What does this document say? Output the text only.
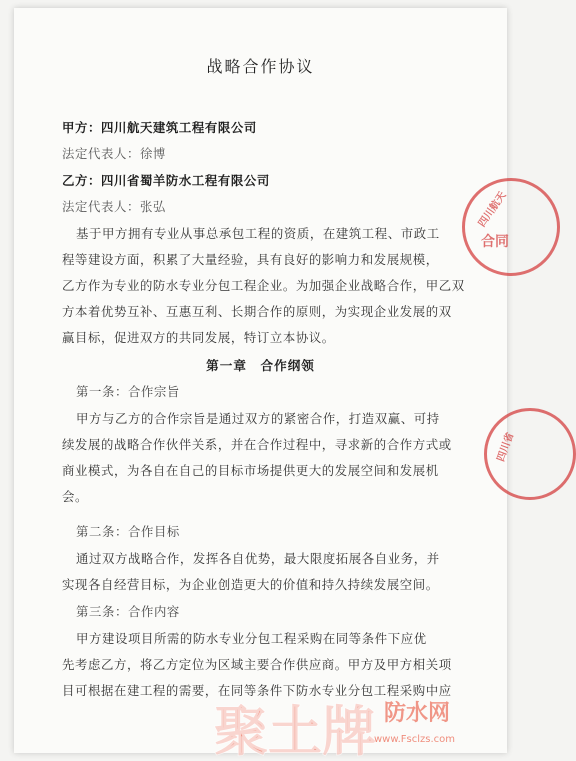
战略合作协议
甲方：四川航天建筑工程有限公司
法定代表人：徐博
乙方：四川省蜀羊防水工程有限公司
法定代表人：张弘
基于甲方拥有专业从事总承包工程的资质，在建筑工程、市政工
程等建设方面，积累了大量经验，具有良好的影响力和发展规模，
乙方作为专业的防水专业分包工程企业。为加强企业战略合作，甲乙双
方本着优势互补、互惠互利、长期合作的原则，为实现企业发展的双
赢目标，促进双方的共同发展，特订立本协议。
第一章　合作纲领
第一条：合作宗旨
甲方与乙方的合作宗旨是通过双方的紧密合作，打造双赢、可持
续发展的战略合作伙伴关系，并在合作过程中，寻求新的合作方式或
商业模式，为各自在自己的目标市场提供更大的发展空间和发展机
会。
第二条：合作目标
通过双方战略合作，发挥各自优势，最大限度拓展各自业务，并
实现各自经营目标，为企业创造更大的价值和持久持续发展空间。
第三条：合作内容
甲方建设项目所需的防水专业分包工程采购在同等条件下应优
先考虑乙方，将乙方定位为区域主要合作供应商。甲方及甲方相关项
目可根据在建工程的需要，在同等条件下防水专业分包工程采购中应
四川航天
合同
四川省
聚土牌 防水网
www.Fsclzs.com
